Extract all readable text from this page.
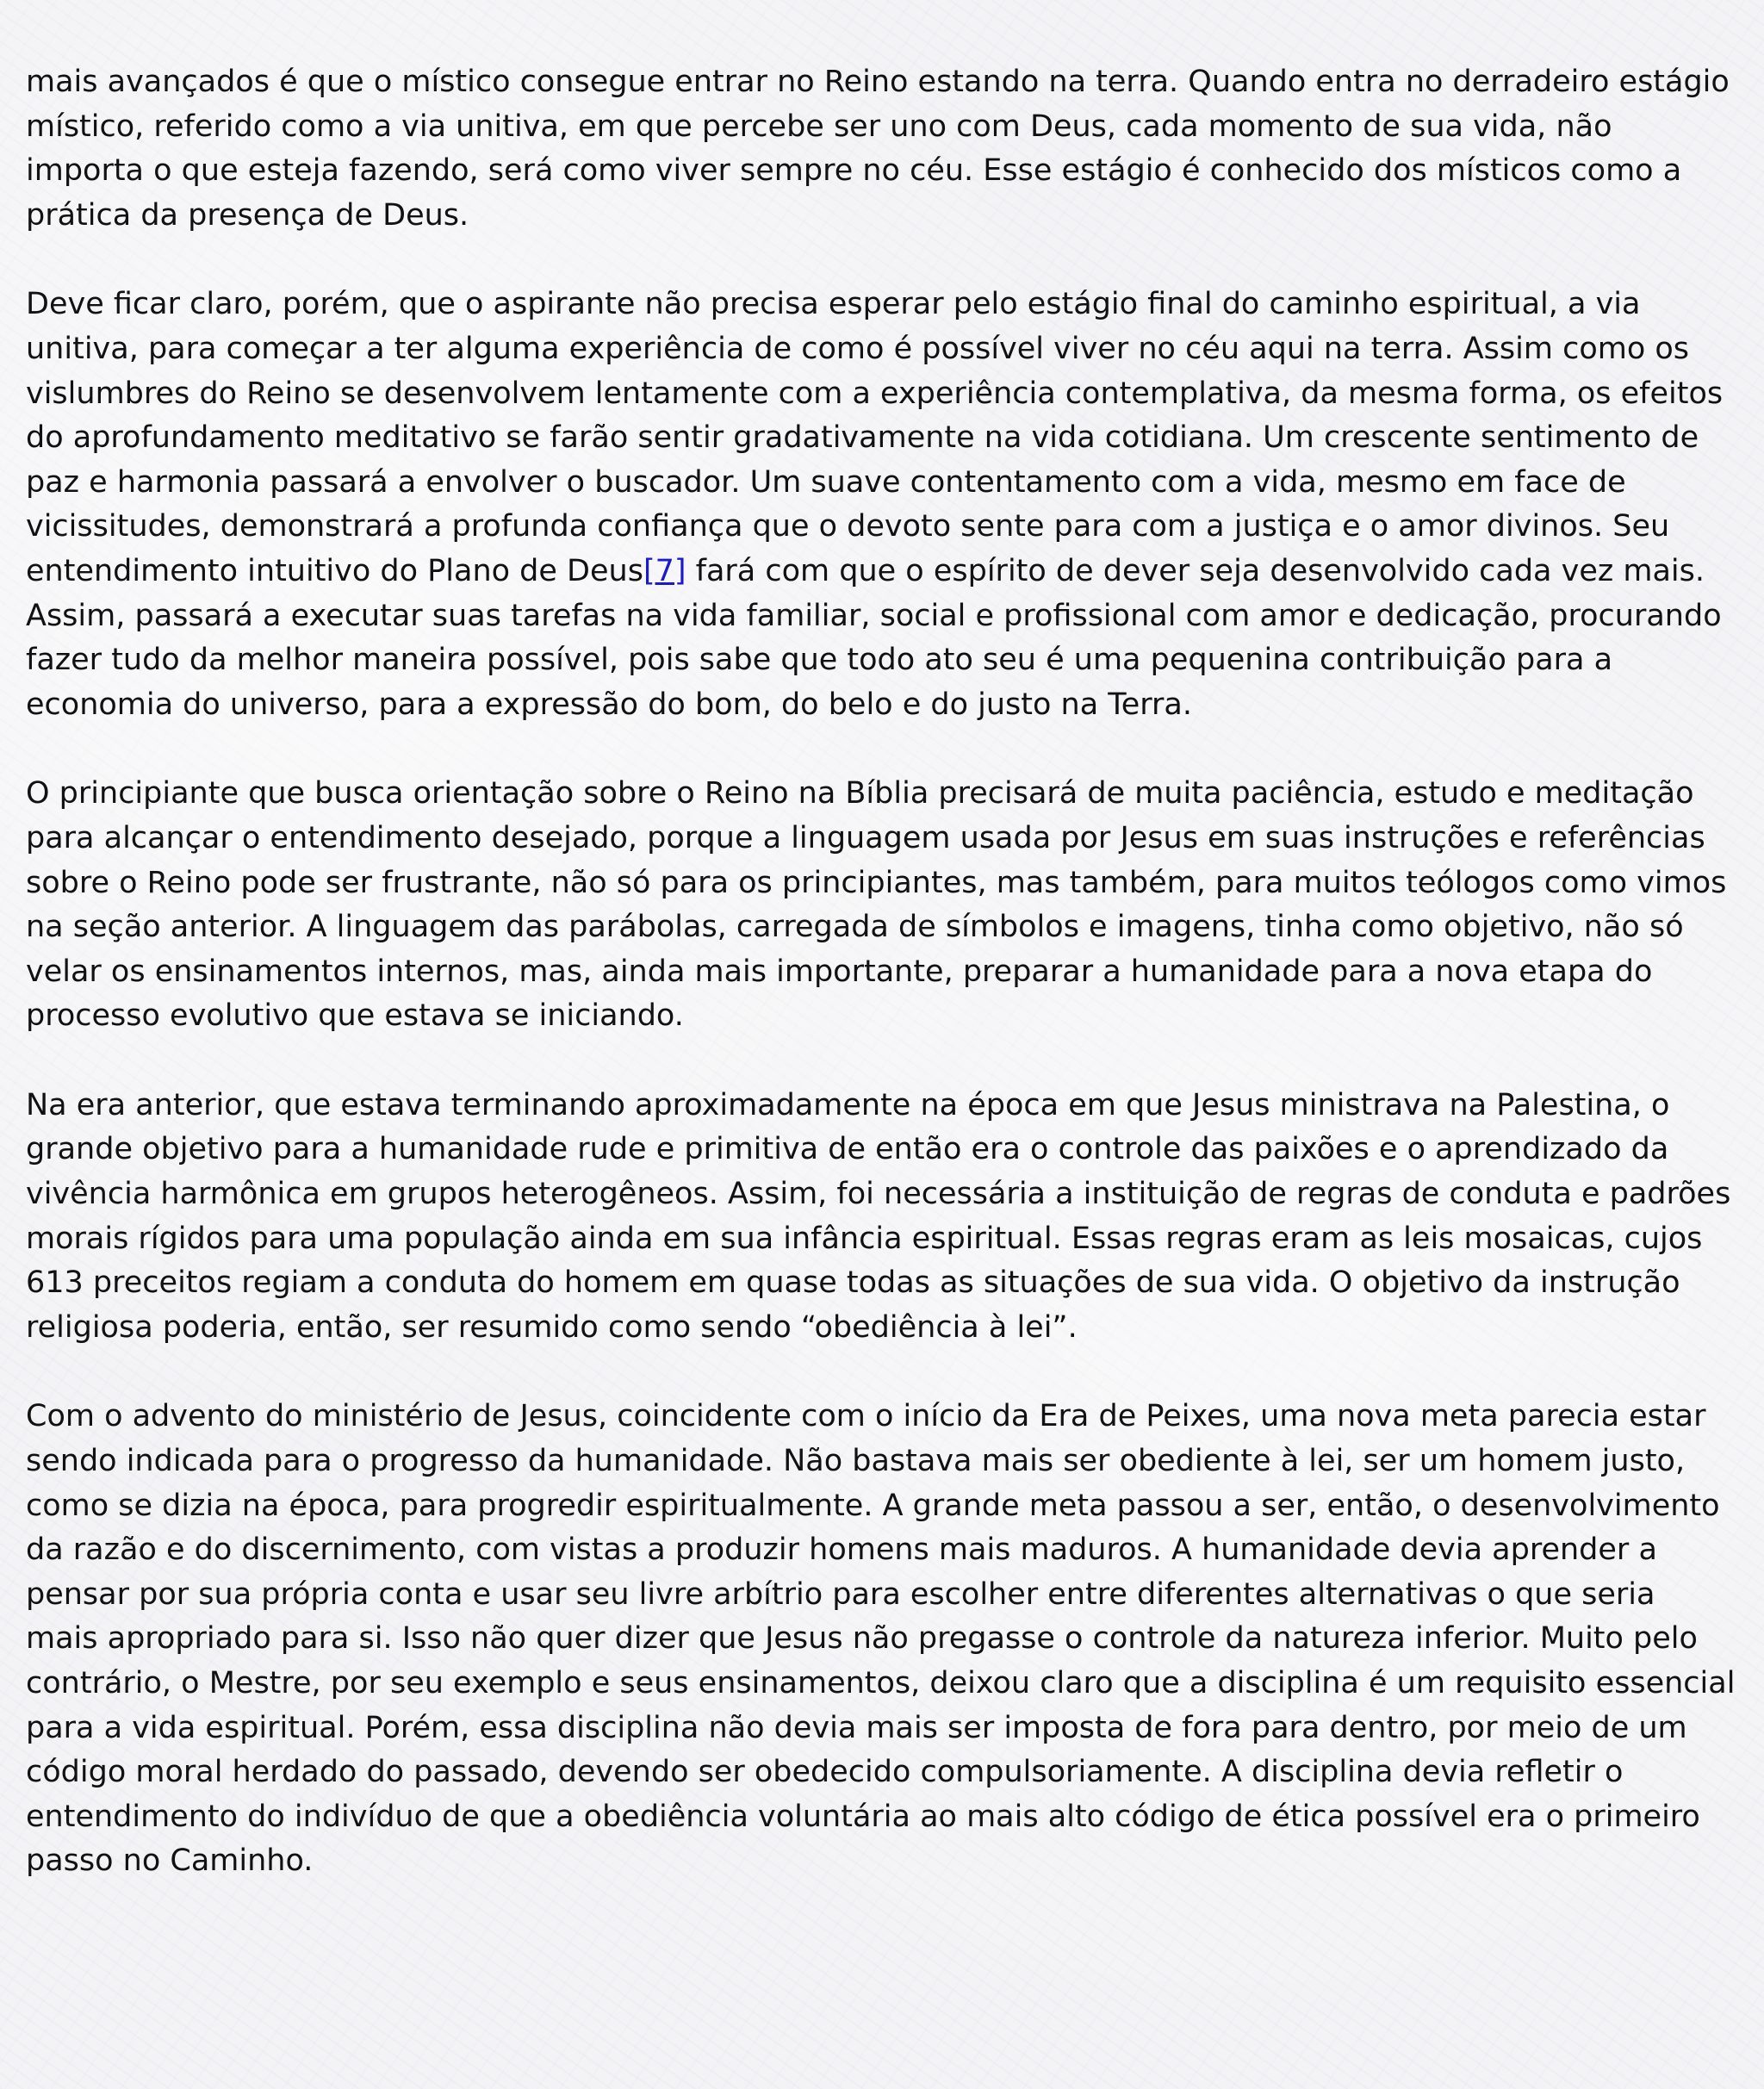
mais avançados é que o místico consegue entrar no Reino estando na terra. Quando entra no derradeiro estágio místico, referido como a via unitiva, em que percebe ser uno com Deus, cada momento de sua vida, não importa o que esteja fazendo, será como viver sempre no céu. Esse estágio é conhecido dos místicos como a prática da presença de Deus.

Deve ficar claro, porém, que o aspirante não precisa esperar pelo estágio final do caminho espiritual, a via unitiva, para começar a ter alguma experiência de como é possível viver no céu aqui na terra. Assim como os vislumbres do Reino se desenvolvem lentamente com a experiência contemplativa, da mesma forma, os efeitos do aprofundamento meditativo se farão sentir gradativamente na vida cotidiana. Um crescente sentimento de paz e harmonia passará a envolver o buscador. Um suave contentamento com a vida, mesmo em face de vicissitudes, demonstrará a profunda confiança que o devoto sente para com a justiça e o amor divinos. Seu entendimento intuitivo do Plano de Deus[7] fará com que o espírito de dever seja desenvolvido cada vez mais. Assim, passará a executar suas tarefas na vida familiar, social e profissional com amor e dedicação, procurando fazer tudo da melhor maneira possível, pois sabe que todo ato seu é uma pequenina contribuição para a economia do universo, para a expressão do bom, do belo e do justo na Terra.

O principiante que busca orientação sobre o Reino na Bíblia precisará de muita paciência, estudo e meditação para alcançar o entendimento desejado, porque a linguagem usada por Jesus em suas instruções e referências sobre o Reino pode ser frustrante, não só para os principiantes, mas também, para muitos teólogos como vimos na seção anterior. A linguagem das parábolas, carregada de símbolos e imagens, tinha como objetivo, não só velar os ensinamentos internos, mas, ainda mais importante, preparar a humanidade para a nova etapa do processo evolutivo que estava se iniciando.

Na era anterior, que estava terminando aproximadamente na época em que Jesus ministrava na Palestina, o grande objetivo para a humanidade rude e primitiva de então era o controle das paixões e o aprendizado da vivência harmônica em grupos heterogêneos. Assim, foi necessária a instituição de regras de conduta e padrões morais rígidos para uma população ainda em sua infância espiritual. Essas regras eram as leis mosaicas, cujos 613 preceitos regiam a conduta do homem em quase todas as situações de sua vida. O objetivo da instrução religiosa poderia, então, ser resumido como sendo “obediência à lei”.

Com o advento do ministério de Jesus, coincidente com o início da Era de Peixes, uma nova meta parecia estar sendo indicada para o progresso da humanidade. Não bastava mais ser obediente à lei, ser um homem justo, como se dizia na época, para progredir espiritualmente. A grande meta passou a ser, então, o desenvolvimento da razão e do discernimento, com vistas a produzir homens mais maduros. A humanidade devia aprender a pensar por sua própria conta e usar seu livre arbítrio para escolher entre diferentes alternativas o que seria mais apropriado para si. Isso não quer dizer que Jesus não pregasse o controle da natureza inferior. Muito pelo contrário, o Mestre, por seu exemplo e seus ensinamentos, deixou claro que a disciplina é um requisito essencial para a vida espiritual. Porém, essa disciplina não devia mais ser imposta de fora para dentro, por meio de um código moral herdado do passado, devendo ser obedecido compulsoriamente. A disciplina devia refletir o entendimento do indivíduo de que a obediência voluntária ao mais alto código de ética possível era o primeiro passo no Caminho.
